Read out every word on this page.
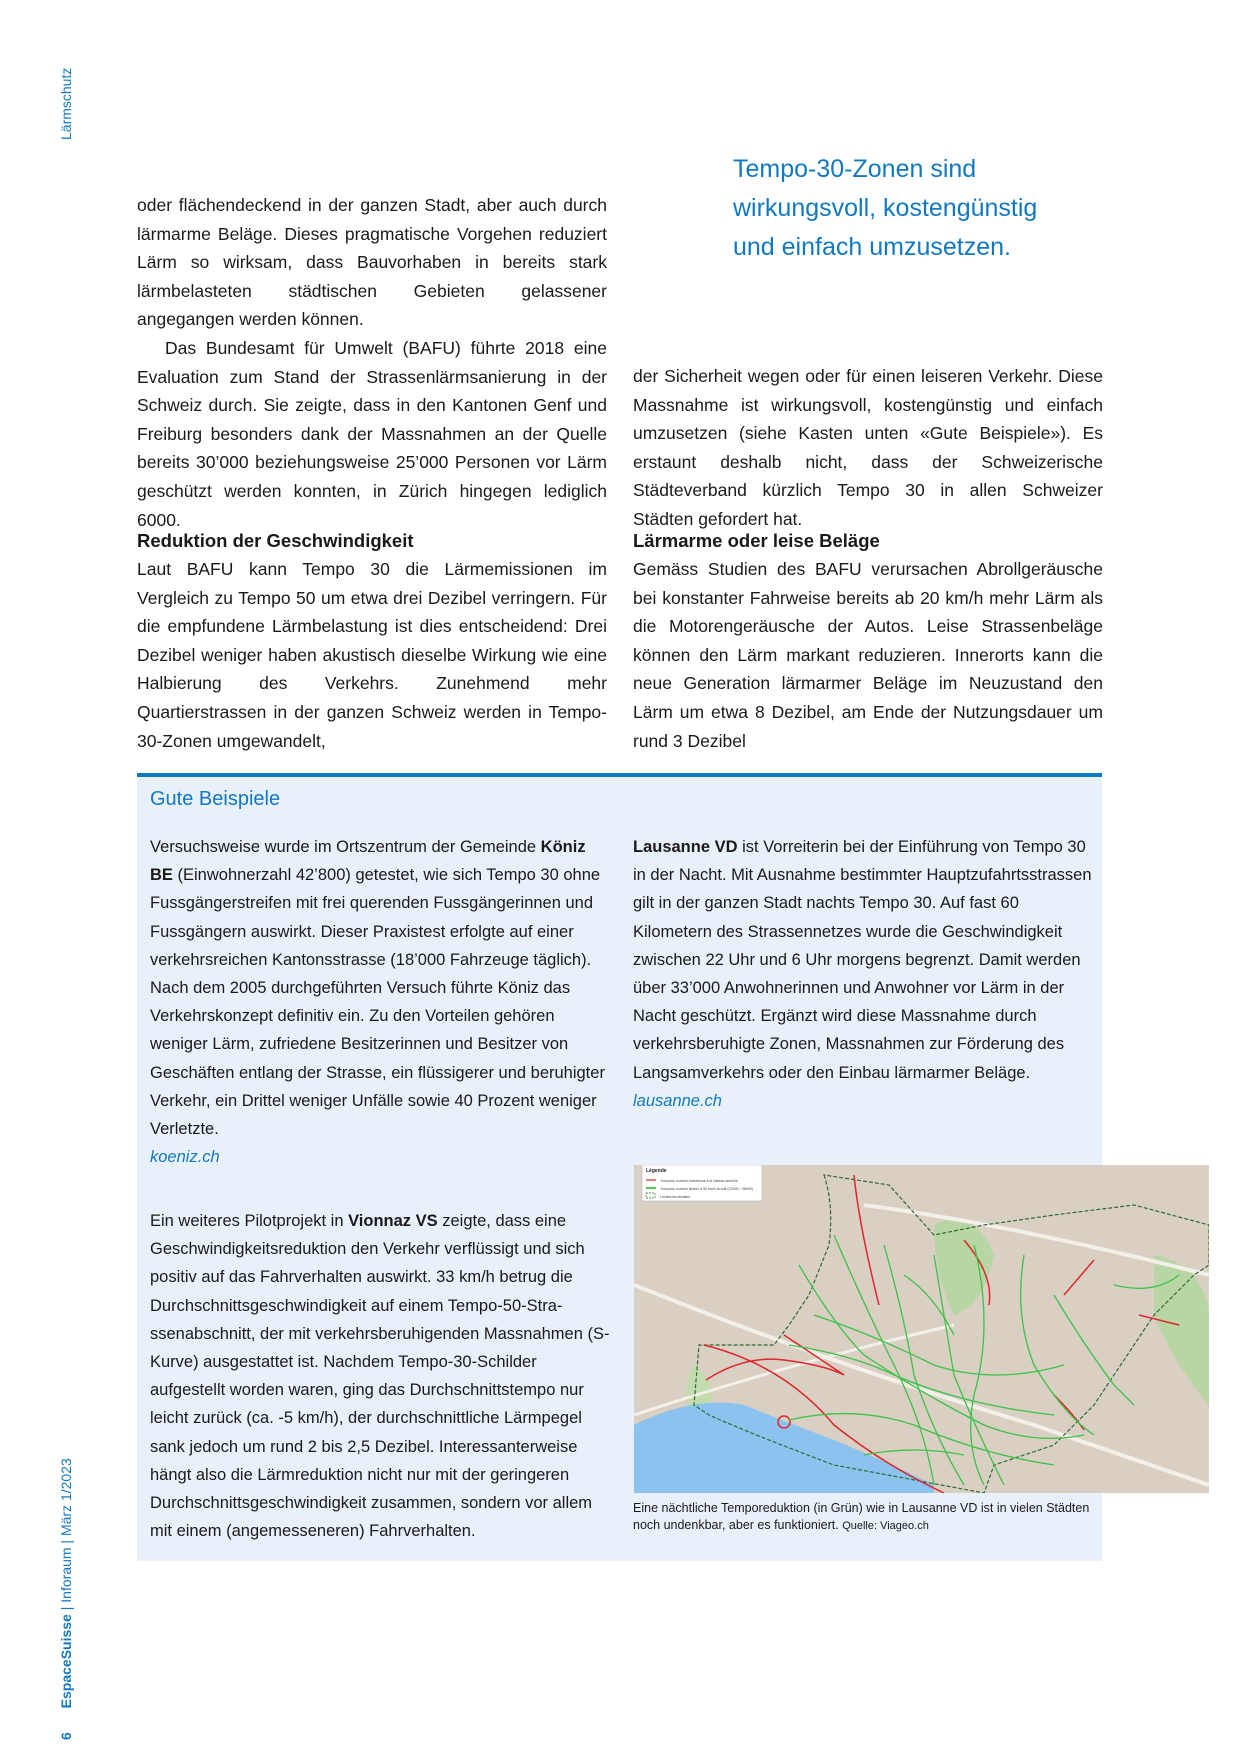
Lärmschutz
6 EspaceSuisse | Inforaum | März 1/2023

oder flächendeckend in der ganzen Stadt, aber auch durch lärmarme Beläge. Dieses pragmatische Vorgehen reduziert Lärm so wirksam, dass Bauvorhaben in bereits stark lärmbelasteten städtischen Gebieten gelassener angegangen werden können.

Das Bundesamt für Umwelt (BAFU) führte 2018 eine Evaluation zum Stand der Strassenlärmsanierung in der Schweiz durch. Sie zeigte, dass in den Kantonen Genf und Freiburg besonders dank der Massnahmen an der Quelle bereits 30’000 beziehungsweise 25’000 Personen vor Lärm geschützt werden konnten, in Zürich hingegen lediglich 6000.

Tempo-30-Zonen sind wirkungsvoll, kostengünstig und einfach umzusetzen.

der Sicherheit wegen oder für einen leiseren Verkehr. Diese Massnahme ist wirkungsvoll, kostengünstig und einfach umzusetzen (siehe Kasten unten «Gute Beispiele»). Es erstaunt deshalb nicht, dass der Schweizerische Städteverband kürzlich Tempo 30 in allen Schweizer Städten gefordert hat.

Reduktion der Geschwindigkeit

Laut BAFU kann Tempo 30 die Lärmemissionen im Vergleich zu Tempo 50 um etwa drei Dezibel verringern. Für die empfundene Lärmbelastung ist dies entscheidend: Drei Dezibel weniger haben akustisch dieselbe Wirkung wie eine Halbierung des Verkehrs. Zunehmend mehr Quartierstrassen in der ganzen Schweiz werden in Tempo-30-Zonen umgewandelt,

Lärmarme oder leise Beläge

Gemäss Studien des BAFU verursachen Abrollgeräusche bei konstanter Fahrweise bereits ab 20 km/h mehr Lärm als die Motorengeräusche der Autos. Leise Strassenbeläge können den Lärm markant reduzieren. Innerorts kann die neue Generation lärmarmer Beläge im Neuzustand den Lärm um etwa 8 Dezibel, am Ende der Nutzungsdauer um rund 3 Dezibel

Gute Beispiele

Versuchsweise wurde im Ortszentrum der Gemeinde Köniz BE (Einwohnerzahl 42’800) getestet, wie sich Tempo 30 ohne Fussgängerstreifen mit frei querenden Fussgängerinnen und Fussgängern auswirkt. Dieser Praxistest erfolgte auf einer verkehrsreichen Kantonsstrasse (18’000 Fahrzeuge täglich). Nach dem 2005 durchgeführten Versuch führte Köniz das Verkehrskonzept definitiv ein. Zu den Vorteilen gehören weniger Lärm, zufriedene Besitzerinnen und Besitzer von Geschäften entlang der Strasse, ein flüssigerer und beruhigter Verkehr, ein Drittel weniger Unfälle sowie 40 Prozent weniger Verletzte.

koeniz.ch

Ein weiteres Pilotprojekt in Vionnaz VS zeigte, dass eine Geschwindigkeitsreduktion den Verkehr verflüssigt und sich positiv auf das Fahrverhalten auswirkt. 33 km/h betrug die Durchschnittsgeschwindigkeit auf einem Tempo-50-Strassenabschnitt, der mit verkehrsberuhigenden Massnahmen (S-Kurve) ausgestattet ist. Nachdem Tempo-30-Schilder aufgestellt worden waren, ging das Durchschnittstempo nur leicht zurück (ca. -5 km/h), der durchschnittliche Lärmpegel sank jedoch um rund 2 bis 2,5 Dezibel. Interessanterweise hängt also die Lärmreduktion nicht nur mit der geringeren Durchschnittsgeschwindigkeit zusammen, sondern vor allem mit einem (angemesseneren) Fahrverhalten.

Lausanne VD ist Vorreiterin bei der Einführung von Tempo 30 in der Nacht. Mit Ausnahme bestimmter Hauptzufahrtsstrassen gilt in der ganzen Stadt nachts Tempo 30. Auf fast 60 Kilometern des Strassennetzes wurde die Geschwindigkeit zwischen 22 Uhr und 6 Uhr morgens begrenzt. Damit werden über 33’000 Anwohnerinnen und Anwohner vor Lärm in der Nacht geschützt. Ergänzt wird diese Massnahme durch verkehrsberuhigte Zonen, Massnahmen zur Förderung des Langsamverkehrs oder den Einbau lärmarmer Beläge.

lausanne.ch
Légende
Tronçons routiers maintenus à la vitesse actuelle
Tronçons routiers limités à 30 km/h la nuit (22h00 - 06h00)
Limites territoriales
Eine nächtliche Temporeduktion (in Grün) wie in Lausanne VD ist in vielen Städten noch undenkbar, aber es funktioniert. Quelle: Viageo.ch
